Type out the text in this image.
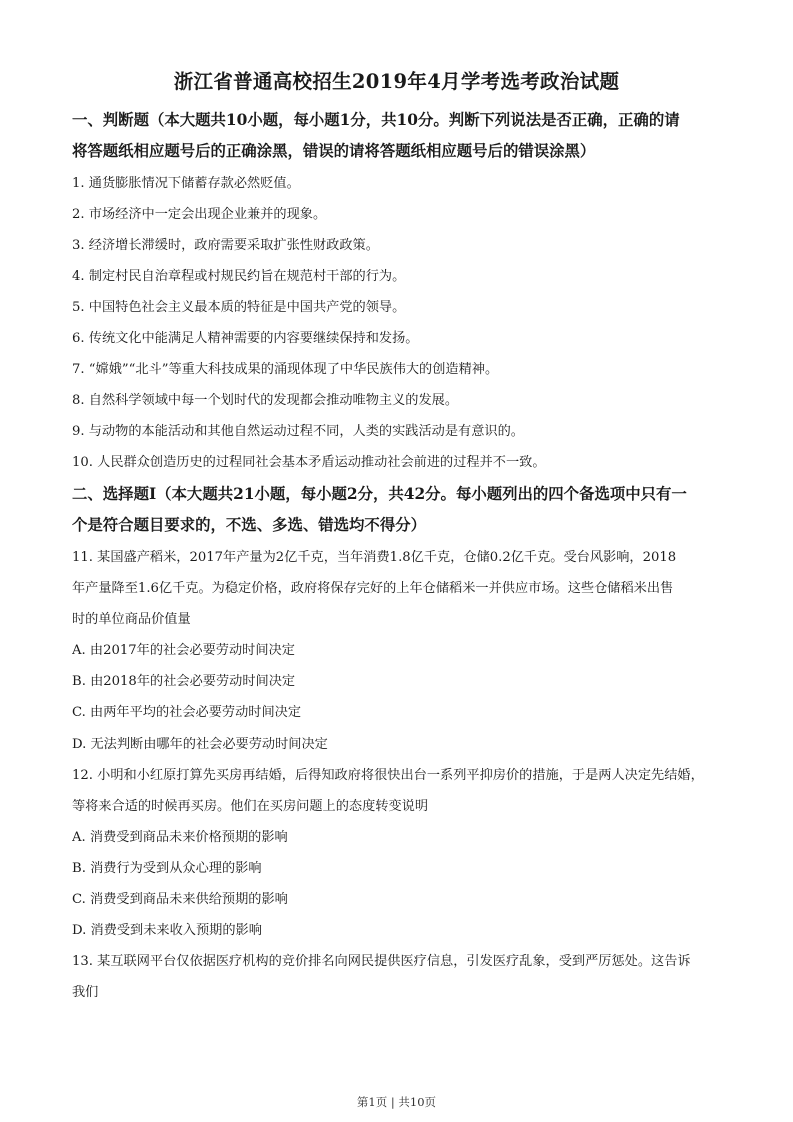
浙江省普通高校招生2019年4月学考选考政治试题
一、判断题（本大题共10小题，每小题1分，共10分。判断下列说法是否正确，正确的请
将答题纸相应题号后的正确涂黑，错误的请将答题纸相应题号后的错误涂黑）
1. 通货膨胀情况下储蓄存款必然贬值。
2. 市场经济中一定会出现企业兼并的现象。
3. 经济增长滞缓时，政府需要采取扩张性财政政策。
4. 制定村民自治章程或村规民约旨在规范村干部的行为。
5. 中国特色社会主义最本质的特征是中国共产党的领导。
6. 传统文化中能满足人精神需要的内容要继续保持和发扬。
7. “嫦娥”“北斗”等重大科技成果的涌现体现了中华民族伟大的创造精神。
8. 自然科学领域中每一个划时代的发现都会推动唯物主义的发展。
9. 与动物的本能活动和其他自然运动过程不同，人类的实践活动是有意识的。
10. 人民群众创造历史的过程同社会基本矛盾运动推动社会前进的过程并不一致。
二、选择题Ⅰ（本大题共21小题，每小题2分，共42分。每小题列出的四个备选项中只有一
个是符合题目要求的，不选、多选、错选均不得分）
11. 某国盛产稻米，2017年产量为2亿千克，当年消费1.8亿千克，仓储0.2亿千克。受台风影响，2018
年产量降至1.6亿千克。为稳定价格，政府将保存完好的上年仓储稻米一并供应市场。这些仓储稻米出售
时的单位商品价值量
A. 由2017年的社会必要劳动时间决定
B. 由2018年的社会必要劳动时间决定
C. 由两年平均的社会必要劳动时间决定
D. 无法判断由哪年的社会必要劳动时间决定
12. 小明和小红原打算先买房再结婚，后得知政府将很快出台一系列平抑房价的措施，于是两人决定先结婚，
等将来合适的时候再买房。他们在买房问题上的态度转变说明
A. 消费受到商品未来价格预期的影响
B. 消费行为受到从众心理的影响
C. 消费受到商品未来供给预期的影响
D. 消费受到未来收入预期的影响
13. 某互联网平台仅依据医疗机构的竞价排名向网民提供医疗信息，引发医疗乱象，受到严厉惩处。这告诉
我们
第1页 | 共10页
